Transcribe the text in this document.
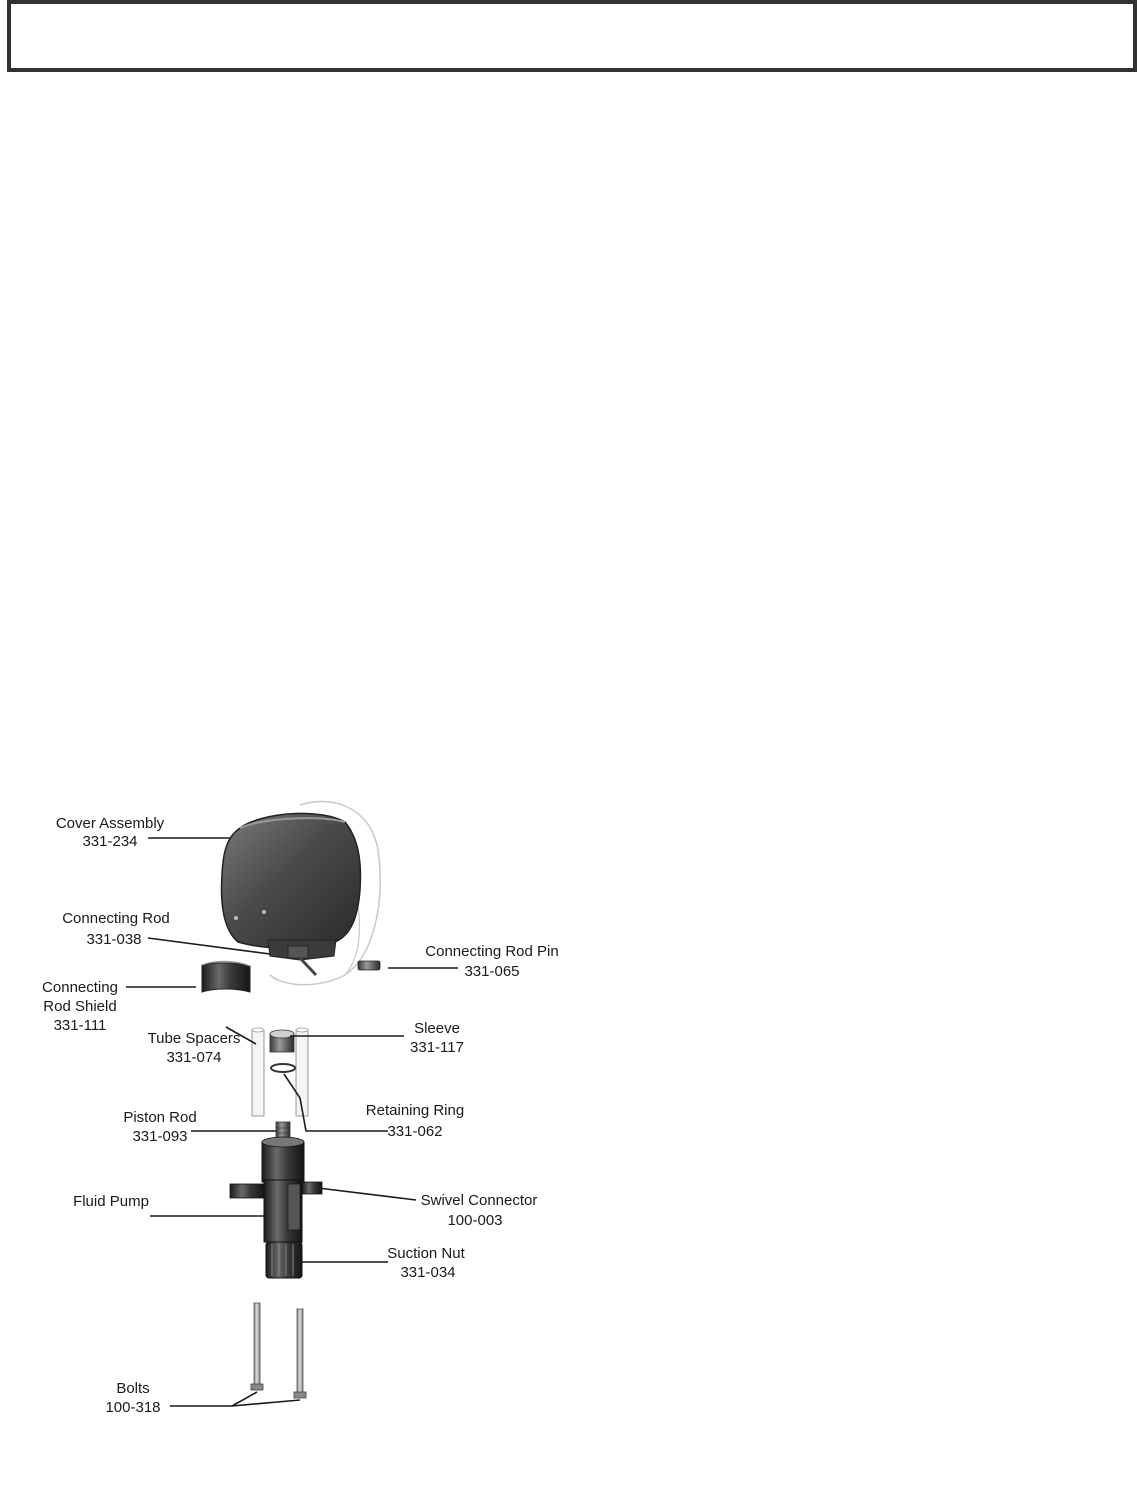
Cover Assembly
331-234
Connecting Rod
331-038
Connecting Rod Pin
331-065
Connecting
Rod Shield
331-111
Tube Spacers
331-074
Sleeve
331-117
Retaining Ring
331-062
Piston Rod
331-093
Fluid Pump	Swivel Connector
100-003
Suction Nut
331-034
Bolts
100-318
